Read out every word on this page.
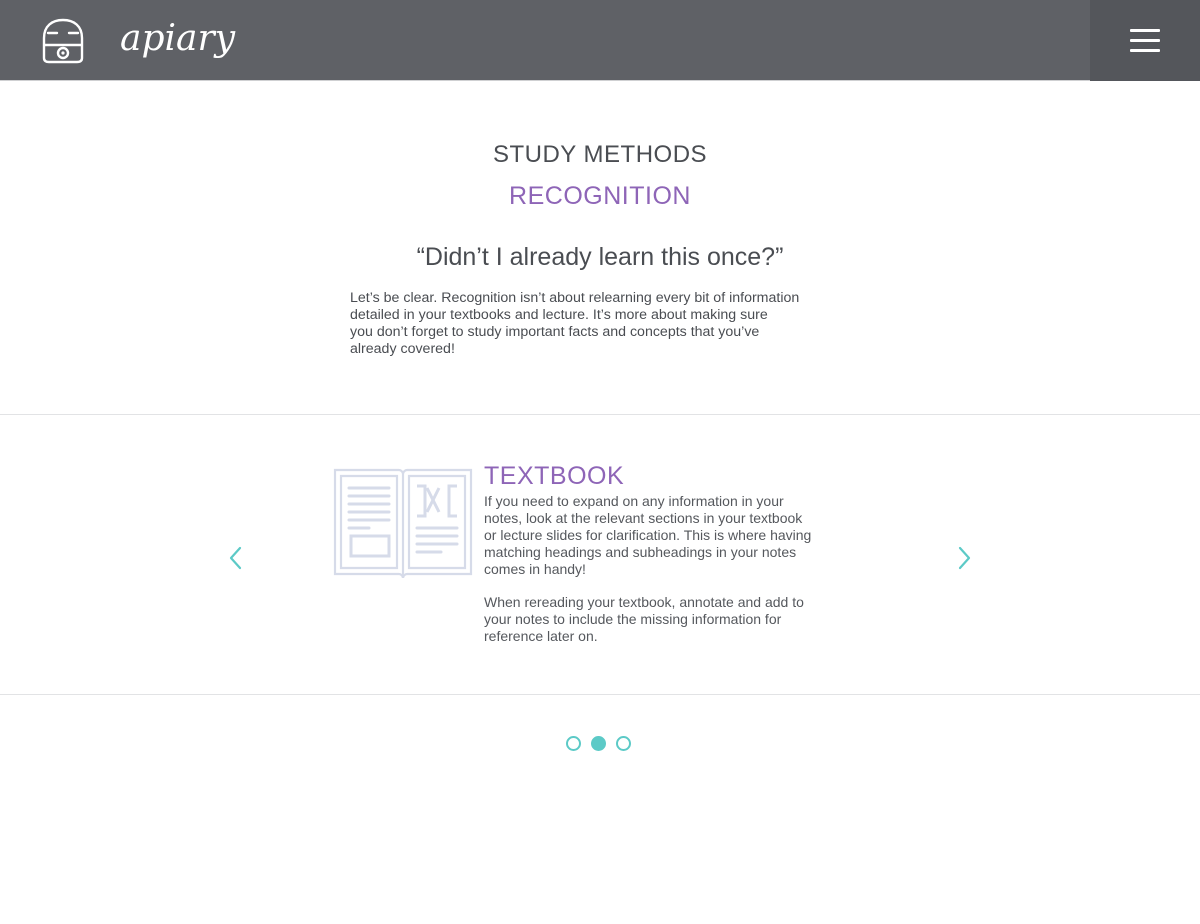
apiary
STUDY METHODS
RECOGNITION
“Didn’t I already learn this once?”
Let’s be clear. Recognition isn’t about relearning every bit of information
detailed in your textbooks and lecture. It’s more about making sure
you don’t forget to study important facts and concepts that you’ve
already covered!
TEXTBOOK
If you need to expand on any information in your
notes, look at the relevant sections in your textbook
or lecture slides for clarification. This is where having
matching headings and subheadings in your notes
comes in handy!
When rereading your textbook, annotate and add to
your notes to include the missing information for
reference later on.
